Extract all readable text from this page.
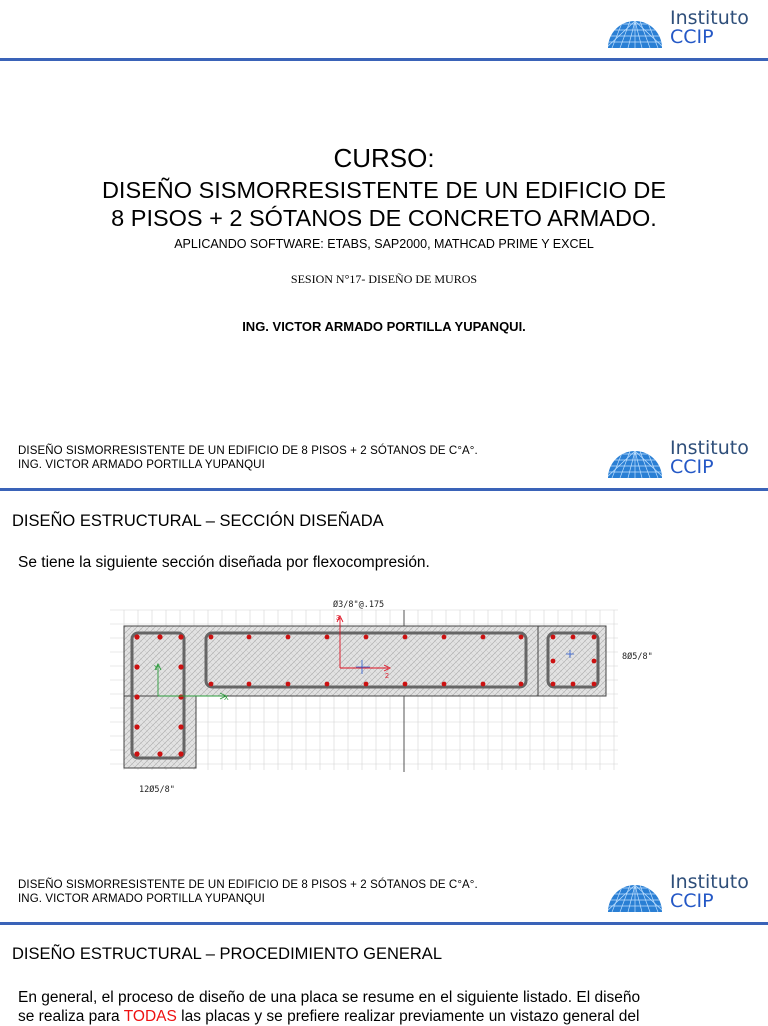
Instituto
CCIP
CURSO:
DISEÑO SISMORRESISTENTE DE UN EDIFICIO DE
8 PISOS + 2 SÓTANOS DE CONCRETO ARMADO.
APLICANDO SOFTWARE: ETABS, SAP2000, MATHCAD PRIME Y EXCEL
SESION N°17- DISEÑO DE MUROS
ING. VICTOR ARMADO PORTILLA YUPANQUI.
DISEÑO SISMORRESISTENTE DE UN EDIFICIO DE 8 PISOS + 2 SÓTANOS DE C°A°.
ING. VICTOR ARMADO PORTILLA YUPANQUI
Instituto
CCIP
DISEÑO ESTRUCTURAL – SECCIÓN DISEÑADA
Se tiene la siguiente sección diseñada por flexocompresión.
3
2
Y
X
Ø3/8"@.175
8Ø5/8"
12Ø5/8"
DISEÑO SISMORRESISTENTE DE UN EDIFICIO DE 8 PISOS + 2 SÓTANOS DE C°A°.
ING. VICTOR ARMADO PORTILLA YUPANQUI
Instituto
CCIP
DISEÑO ESTRUCTURAL – PROCEDIMIENTO GENERAL
En general, el proceso de diseño de una placa se resume en el siguiente listado. El diseño
se realiza para TODAS las placas y se prefiere realizar previamente un vistazo general del
